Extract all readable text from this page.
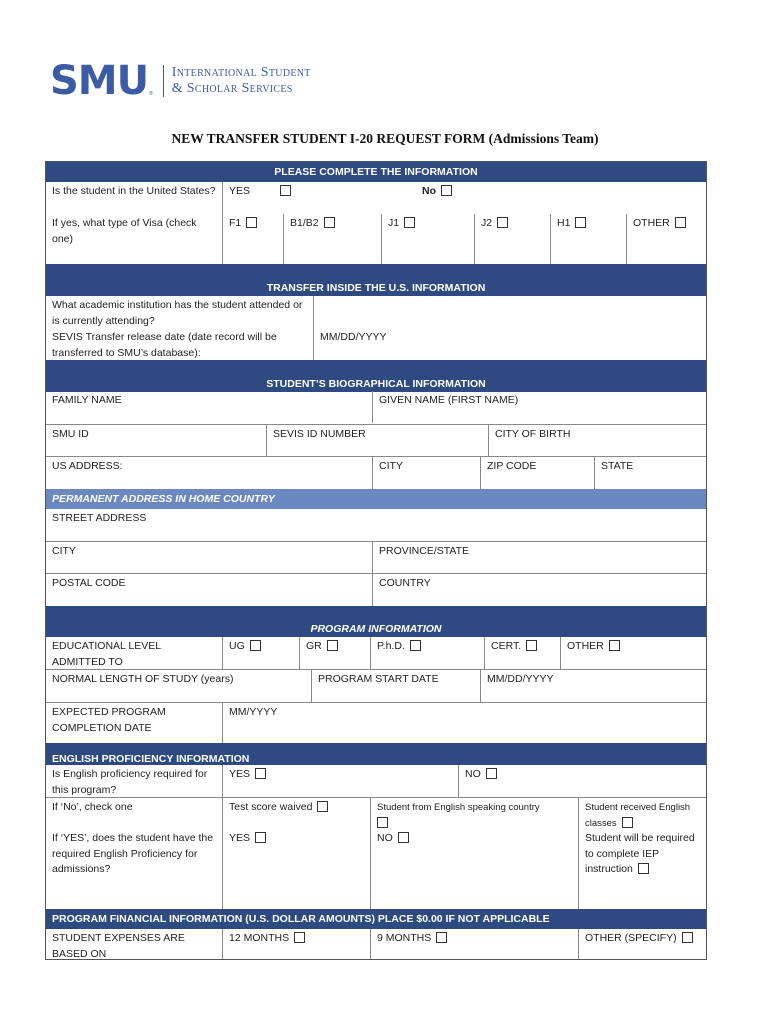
SMU ®
International Student
& Scholar Services
NEW TRANSFER STUDENT I-20 REQUEST FORM (Admissions Team)
PLEASE COMPLETE THE INFORMATION
Is the student in the United States?	YES	No
If yes, what type of Visa (check one)
F1	B1/B2	J1	J2	H1	OTHER
TRANSFER INSIDE THE U.S. INFORMATION
What academic institution has the student attended or is currently attending?
SEVIS Transfer release date (date record will be transferred to SMU’s database):
MM/DD/YYYY
STUDENT’S BIOGRAPHICAL INFORMATION
FAMILY NAME	GIVEN NAME (FIRST NAME)
SMU ID	SEVIS ID NUMBER	CITY OF BIRTH
US ADDRESS:	CITY	ZIP CODE	STATE
PERMANENT ADDRESS IN HOME COUNTRY
STREET ADDRESS
CITY	PROVINCE/STATE
POSTAL CODE	COUNTRY
PROGRAM INFORMATION
EDUCATIONAL LEVEL ADMITTED TO
UG	GR	P.h.D.	CERT.	OTHER
NORMAL LENGTH OF STUDY (years)	PROGRAM START DATE	MM/DD/YYYY
EXPECTED PROGRAM COMPLETION DATE
MM/YYYY
ENGLISH PROFICIENCY INFORMATION
Is English proficiency required for this program?
YES	NO
If ‘No’, check one	Test score waived	Student from English speaking country	Student received English classes
If ‘YES’, does the student have the required English Proficiency for admissions?
YES	NO	Student will be required to complete IEP instruction
PROGRAM FINANCIAL INFORMATION (U.S. DOLLAR AMOUNTS) PLACE $0.00 IF NOT APPLICABLE
STUDENT EXPENSES ARE BASED ON
12 MONTHS	9 MONTHS	OTHER (SPECIFY)
